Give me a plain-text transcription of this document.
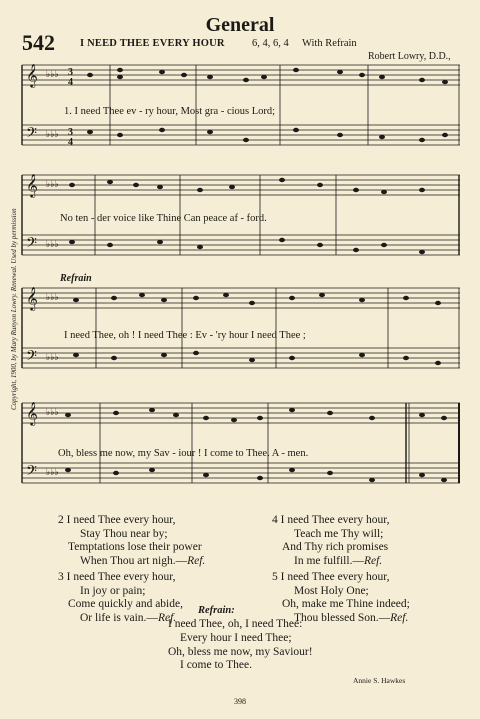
General
542 I NEED THEE EVERY HOUR	6, 4, 6, 4 With Refrain
Robert Lowry, D.D.,
Copyright, 1900, by Mary Runyon Lowry. Renewal. Used by permission
𝄞
𝄢
♭♭♭
♭♭♭
3
4
3
4
1. I need Thee ev - ry hour, Most gra - cious Lord;
𝄞
𝄢
♭♭♭
♭♭♭
No ten - der voice like Thine Can peace af - ford.
Refrain
𝄞
𝄢
♭♭♭
♭♭♭
I need Thee, oh ! I need Thee : Ev - 'ry hour I need Thee ;
𝄞
𝄢
♭♭♭
♭♭♭
Oh, bless me now, my Sav - iour ! I come to Thee. A - men.
2 I need Thee every hour,
Stay Thou near by;
Temptations lose their power
When Thou art nigh.—Ref.
3 I need Thee every hour,
In joy or pain;
Come quickly and abide,
Or life is vain.—Ref.
4 I need Thee every hour,
Teach me Thy will;
And Thy rich promises
In me fulfill.—Ref.
5 I need Thee every hour,
Most Holy One;
Oh, make me Thine indeed;
Thou blessed Son.—Ref.
Refrain:
I need Thee, oh, I need Thee:
Every hour I need Thee;
Oh, bless me now, my Saviour!
I come to Thee.
Annie S. Hawkes
398
